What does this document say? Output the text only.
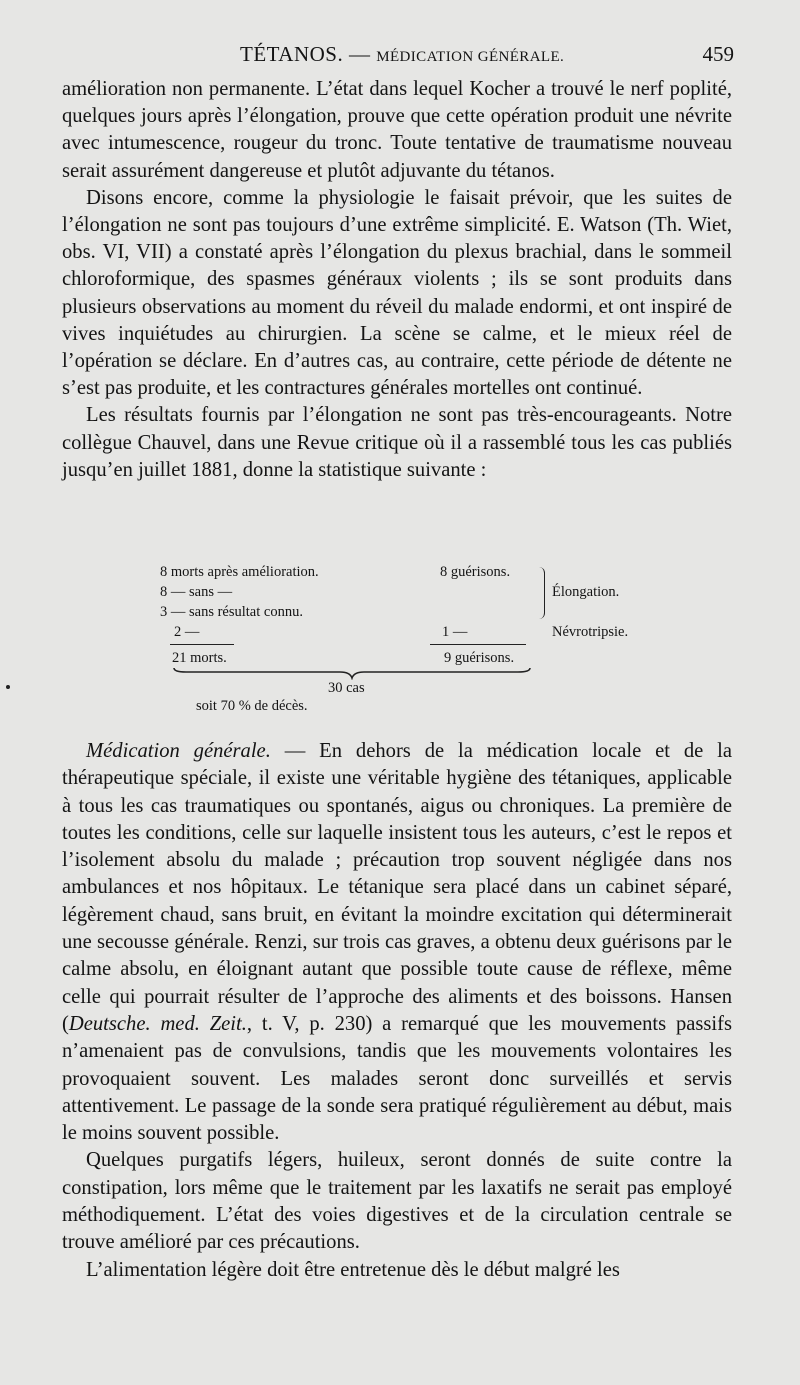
TÉTANOS. — MÉDICATION GÉNÉRALE.	459

amélioration non permanente. L’état dans lequel Kocher a trouvé le nerf poplité, quelques jours après l’élongation, prouve que cette opération produit une névrite avec intumescence, rougeur du tronc. Toute tentative de traumatisme nouveau serait assurément dangereuse et plutôt adjuvante du tétanos.

Disons encore, comme la physiologie le faisait prévoir, que les suites de l’élongation ne sont pas toujours d’une extrême simplicité. E. Watson (Th. Wiet, obs. VI, VII) a constaté après l’élongation du plexus brachial, dans le sommeil chloroformique, des spasmes généraux violents ; ils se sont produits dans plusieurs observations au moment du réveil du malade endormi, et ont inspiré de vives inquiétudes au chirurgien. La scène se calme, et le mieux réel de l’opération se déclare. En d’autres cas, au contraire, cette période de détente ne s’est pas produite, et les contractures générales mortelles ont continué.

Les résultats fournis par l’élongation ne sont pas très-encourageants. Notre collègue Chauvel, dans une Revue critique où il a rassemblé tous les cas publiés jusqu’en juillet 1881, donne la statistique suivante :

8 morts après amélioration.	8 guérisons.
8 — sans —
3 — sans résultat connu.
Élongation.
2 —	1 —	Névrotripsie.
21 morts.	9 guérisons.
30 cas
soit 70 % de décès.

Médication générale. — En dehors de la médication locale et de la thérapeutique spéciale, il existe une véritable hygiène des tétaniques, applicable à tous les cas traumatiques ou spontanés, aigus ou chroniques. La première de toutes les conditions, celle sur laquelle insistent tous les auteurs, c’est le repos et l’isolement absolu du malade ; précaution trop souvent négligée dans nos ambulances et nos hôpitaux. Le tétanique sera placé dans un cabinet séparé, légèrement chaud, sans bruit, en évitant la moindre excitation qui déterminerait une secousse générale. Renzi, sur trois cas graves, a obtenu deux guérisons par le calme absolu, en éloignant autant que possible toute cause de réflexe, même celle qui pourrait résulter de l’approche des aliments et des boissons. Hansen (Deutsche. med. Zeit., t. V, p. 230) a remarqué que les mouvements passifs n’amenaient pas de convulsions, tandis que les mouvements volontaires les provoquaient souvent. Les malades seront donc surveillés et servis attentivement. Le passage de la sonde sera pratiqué régulièrement au début, mais le moins souvent possible.

Quelques purgatifs légers, huileux, seront donnés de suite contre la constipation, lors même que le traitement par les laxatifs ne serait pas employé méthodiquement. L’état des voies digestives et de la circulation centrale se trouve amélioré par ces précautions.

L’alimentation légère doit être entretenue dès le début malgré les
